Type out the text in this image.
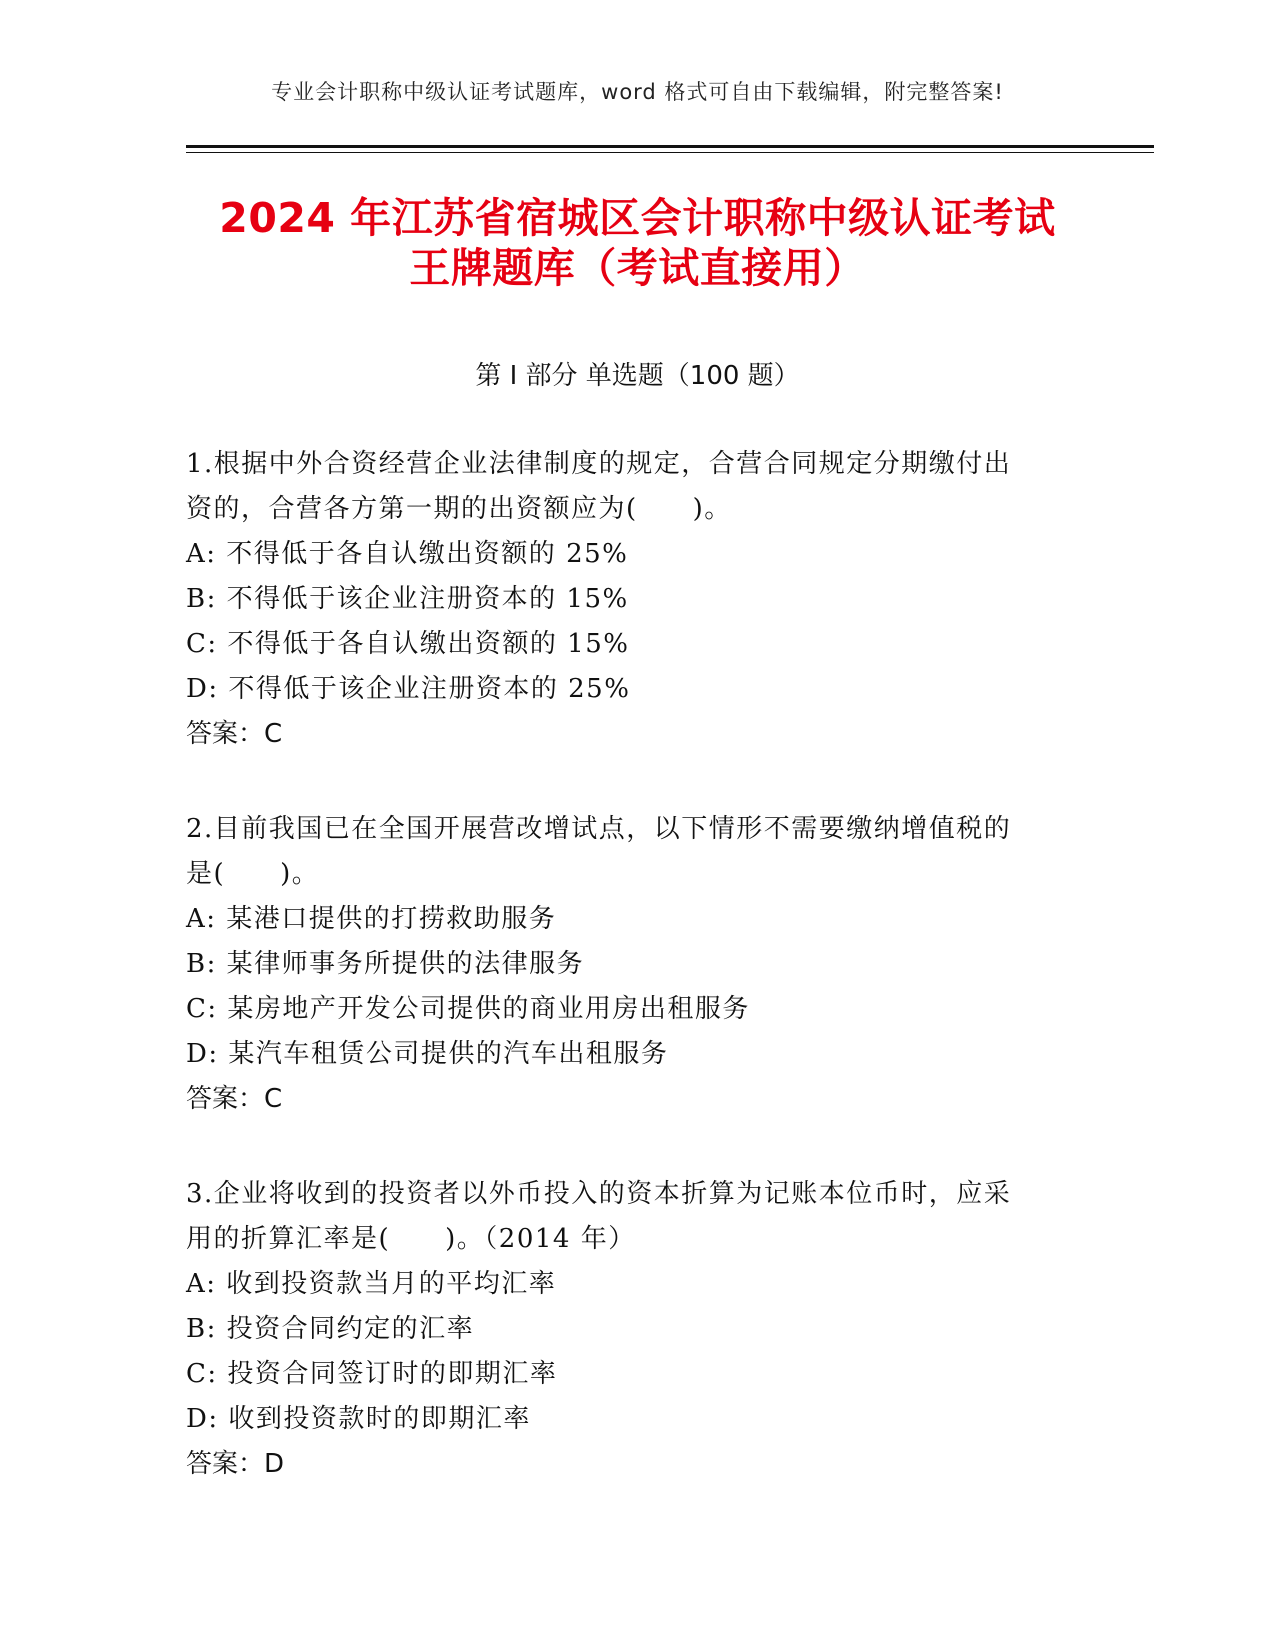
专业会计职称中级认证考试题库，word 格式可自由下载编辑，附完整答案!
2024 年江苏省宿城区会计职称中级认证考试
王牌题库（考试直接用）
第 I 部分 单选题（100 题）
1.根据中外合资经营企业法律制度的规定，合营合同规定分期缴付出
资的，合营各方第一期的出资额应为(　　)。
A: 不得低于各自认缴出资额的 25%
B: 不得低于该企业注册资本的 15%
C: 不得低于各自认缴出资额的 15%
D: 不得低于该企业注册资本的 25%
答案：C
2.目前我国已在全国开展营改增试点，以下情形不需要缴纳增值税的
是(　　)。
A: 某港口提供的打捞救助服务
B: 某律师事务所提供的法律服务
C: 某房地产开发公司提供的商业用房出租服务
D: 某汽车租赁公司提供的汽车出租服务
答案：C
3.企业将收到的投资者以外币投入的资本折算为记账本位币时，应采
用的折算汇率是(　　)。（2014 年）
A: 收到投资款当月的平均汇率
B: 投资合同约定的汇率
C: 投资合同签订时的即期汇率
D: 收到投资款时的即期汇率
答案：D
